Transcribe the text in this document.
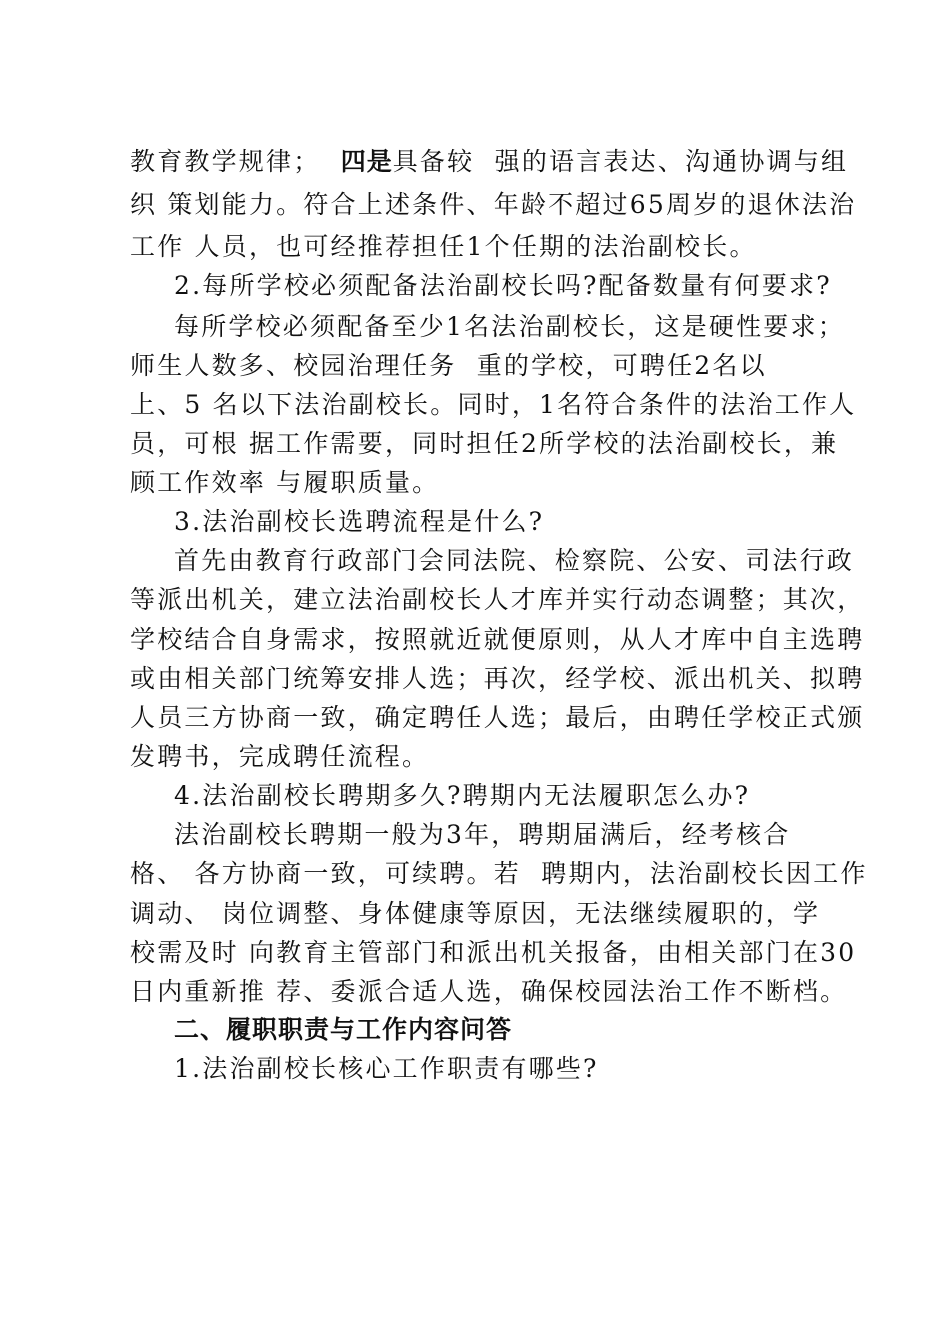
教育教学规律；  四是具备较  强的语言表达、沟通协调与组
织 策划能力。符合上述条件、年龄不超过65周岁的退休法治
工作 人员，也可经推荐担任1个任期的法治副校长。
2.每所学校必须配备法治副校长吗?配备数量有何要求?
每所学校必须配备至少1名法治副校长，这是硬性要求；
师生人数多、校园治理任务  重的学校，可聘任2名以
上、5 名以下法治副校长。同时，1名符合条件的法治工作人
员，可根 据工作需要，同时担任2所学校的法治副校长，兼
顾工作效率 与履职质量。
3.法治副校长选聘流程是什么?
首先由教育行政部门会同法院、检察院、公安、司法行政
等派出机关，建立法治副校长人才库并实行动态调整；其次，
学校结合自身需求，按照就近就便原则，从人才库中自主选聘
或由相关部门统筹安排人选；再次，经学校、派出机关、拟聘
人员三方协商一致，确定聘任人选；最后，由聘任学校正式颁
发聘书，完成聘任流程。
4.法治副校长聘期多久?聘期内无法履职怎么办?
法治副校长聘期一般为3年，聘期届满后，经考核合
格、 各方协商一致，可续聘。若  聘期内，法治副校长因工作
调动、 岗位调整、身体健康等原因，无法继续履职的，学
校需及时 向教育主管部门和派出机关报备，由相关部门在30
日内重新推 荐、委派合适人选，确保校园法治工作不断档。
二、履职职责与工作内容问答
1.法治副校长核心工作职责有哪些?
